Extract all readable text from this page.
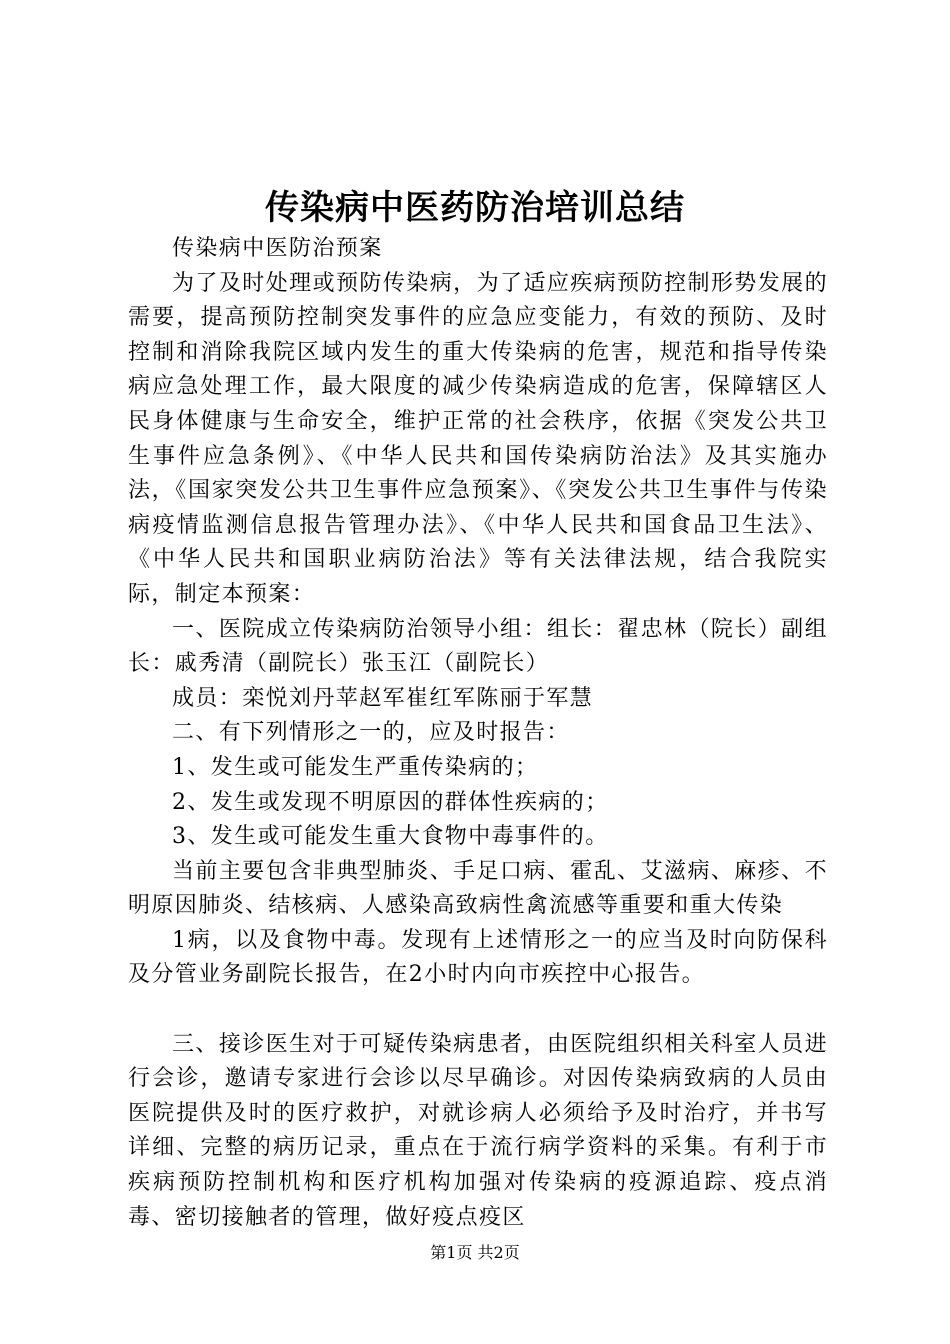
传染病中医药防治培训总结

传染病中医防治预案

为了及时处理或预防传染病，为了适应疾病预防控制形势发展的需要，提高预防控制突发事件的应急应变能力，有效的预防、及时控制和消除我院区域内发生的重大传染病的危害，规范和指导传染病应急处理工作，最大限度的减少传染病造成的危害，保障辖区人民身体健康与生命安全，维护正常的社会秩序，依据《突发公共卫生事件应急条例》、《中华人民共和国传染病防治法》及其实施办法，《国家突发公共卫生事件应急预案》、《突发公共卫生事件与传染病疫情监测信息报告管理办法》、《中华人民共和国食品卫生法》、《中华人民共和国职业病防治法》等有关法律法规，结合我院实际，制定本预案：

一、医院成立传染病防治领导小组：组长：翟忠林（院长）副组长：戚秀清（副院长）张玉江（副院长）

成员：栾悦刘丹苹赵军崔红军陈丽于军慧

二、有下列情形之一的，应及时报告：

1、发生或可能发生严重传染病的；

2、发生或发现不明原因的群体性疾病的；

3、发生或可能发生重大食物中毒事件的。

当前主要包含非典型肺炎、手足口病、霍乱、艾滋病、麻疹、不明原因肺炎、结核病、人感染高致病性禽流感等重要和重大传染

1病，以及食物中毒。发现有上述情形之一的应当及时向防保科及分管业务副院长报告，在2小时内向市疾控中心报告。

三、接诊医生对于可疑传染病患者，由医院组织相关科室人员进行会诊，邀请专家进行会诊以尽早确诊。对因传染病致病的人员由医院提供及时的医疗救护，对就诊病人必须给予及时治疗，并书写详细、完整的病历记录，重点在于流行病学资料的采集。有利于市疾病预防控制机构和医疗机构加强对传染病的疫源追踪、疫点消毒、密切接触者的管理，做好疫点疫区

第1页 共2页
